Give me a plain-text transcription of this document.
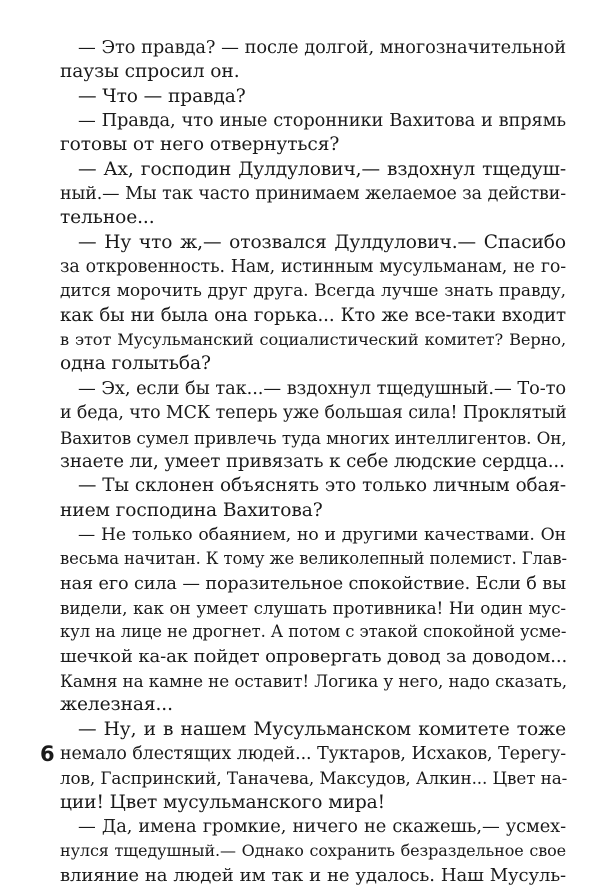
— Это правда? — после долгой, многозначительной
паузы спросил он.
— Что — правда?
— Правда, что иные сторонники Вахитова и впрямь
готовы от него отвернуться?
— Ах, господин Дулдулович,— вздохнул тщедуш-
ный.— Мы так часто принимаем желаемое за действи-
тельное...
— Ну что ж,— отозвался Дулдулович.— Спасибо
за откровенность. Нам, истинным мусульманам, не го-
дится морочить друг друга. Всегда лучше знать правду,
как бы ни была она горька... Кто же все-таки входит
в этот Мусульманский социалистический комитет? Верно,
одна голытьба?
— Эх, если бы так...— вздохнул тщедушный.— То-то
и беда, что МСК теперь уже большая сила! Проклятый
Вахитов сумел привлечь туда многих интеллигентов. Он,
знаете ли, умеет привязать к себе людские сердца...
— Ты склонен объяснять это только личным обая-
нием господина Вахитова?
— Не только обаянием, но и другими качествами. Он
весьма начитан. К тому же великолепный полемист. Глав-
ная его сила — поразительное спокойствие. Если б вы
видели, как он умеет слушать противника! Ни один мус-
кул на лице не дрогнет. А потом с этакой спокойной усме-
шечкой ка-ак пойдет опровергать довод за доводом...
Камня на камне не оставит! Логика у него, надо сказать,
железная...
— Ну, и в нашем Мусульманском комитете тоже
немало блестящих людей... Туктаров, Исхаков, Терегу-
лов, Гаспринский, Таначева, Максудов, Алкин... Цвет на-
ции! Цвет мусульманского мира!
— Да, имена громкие, ничего не скажешь,— усмех-
нулся тщедушный.— Однако сохранить безраздельное свое
влияние на людей им так и не удалось. Наш Мусуль-
6
